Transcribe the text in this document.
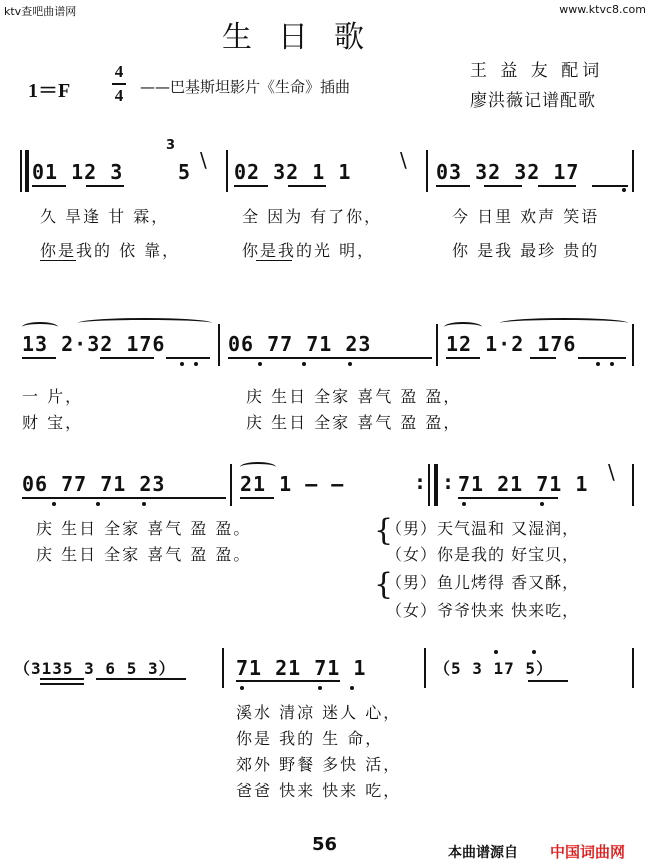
ktv查吧曲谱网	www.ktvc8.com
生日歌
1＝F
4
4	——巴基斯坦影片《生命》插曲
王 益 友 配词
廖洪薇记谱配歌
01 12 3
3
5 \ 02 32 1 1 \ 03 32 32 17
久 旱逢 甘 霖，	全 因为 有了你，	今 日里 欢声 笑语
你是我的 依 靠，	你是我的光 明，	你 是我 最珍 贵的
13 2·32 176	06 77 71 23	12 1·2 176
一 片，	庆 生日 全家 喜气 盈 盈，
财 宝，	庆 生日 全家 喜气 盈 盈，
06 77 71 23	21 1 — —	: : 71 21 71 1 \
庆 生日 全家 喜气 盈 盈。
庆 生日 全家 喜气 盈 盈。
{
{
（男）天气温和 又湿润，
（女）你是我的 好宝贝，
（男）鱼儿烤得 香又酥，
（女）爷爷快来 快来吃，
（3135 3 6 5 3）	71 21 71 1	（5 3 17 5）
溪水 清凉 迷人 心，
你是 我的 生 命，
郊外 野餐 多快 活，
爸爸 快来 快来 吃，
56	本曲谱源自 中国词曲网
